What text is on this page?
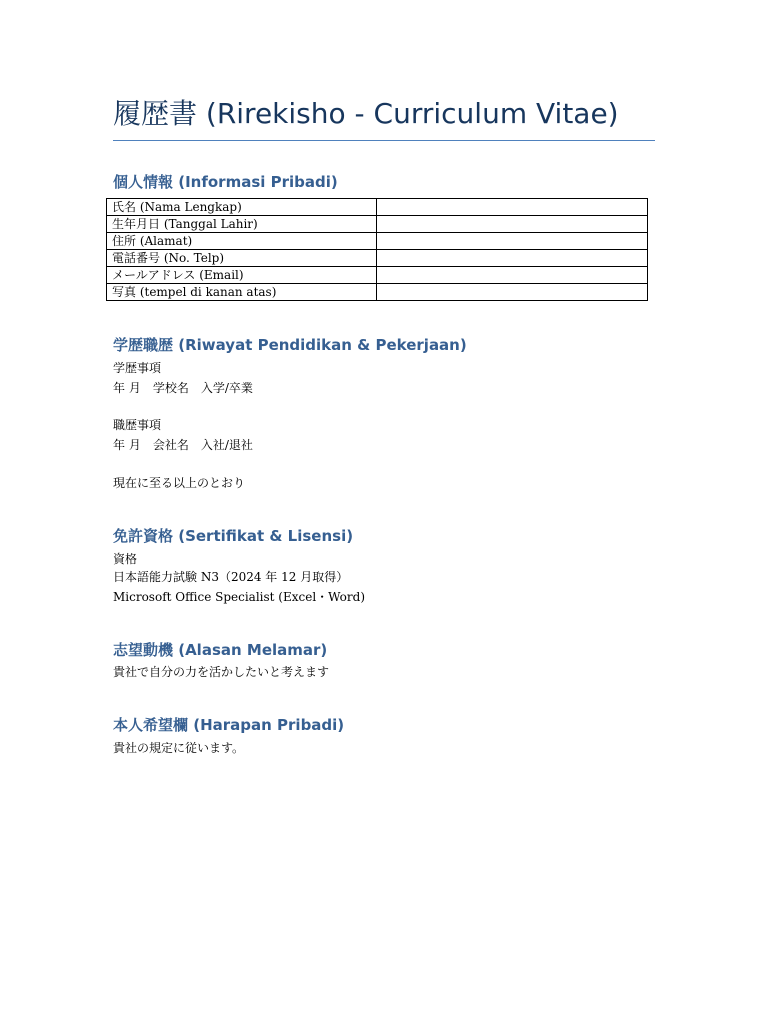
履歴書 (Rirekisho - Curriculum Vitae)
個人情報 (Informasi Pribadi)
氏名 (Nama Lengkap)	
生年月日 (Tanggal Lahir)	
住所 (Alamat)	
電話番号 (No. Telp)	
メールアドレス (Email)	
写真 (tempel di kanan atas)	
学歴職歴 (Riwayat Pendidikan & Pekerjaan)
学歴事項
年 月　学校名　入学/卒業
職歴事項
年 月　会社名　入社/退社
現在に至る以上のとおり
免許資格 (Sertifikat & Lisensi)
資格
日本語能力試験 N3（2024 年 12 月取得）
Microsoft Office Specialist (Excel・Word)
志望動機 (Alasan Melamar)
貴社で自分の力を活かしたいと考えます
本人希望欄 (Harapan Pribadi)
貴社の規定に従います。
